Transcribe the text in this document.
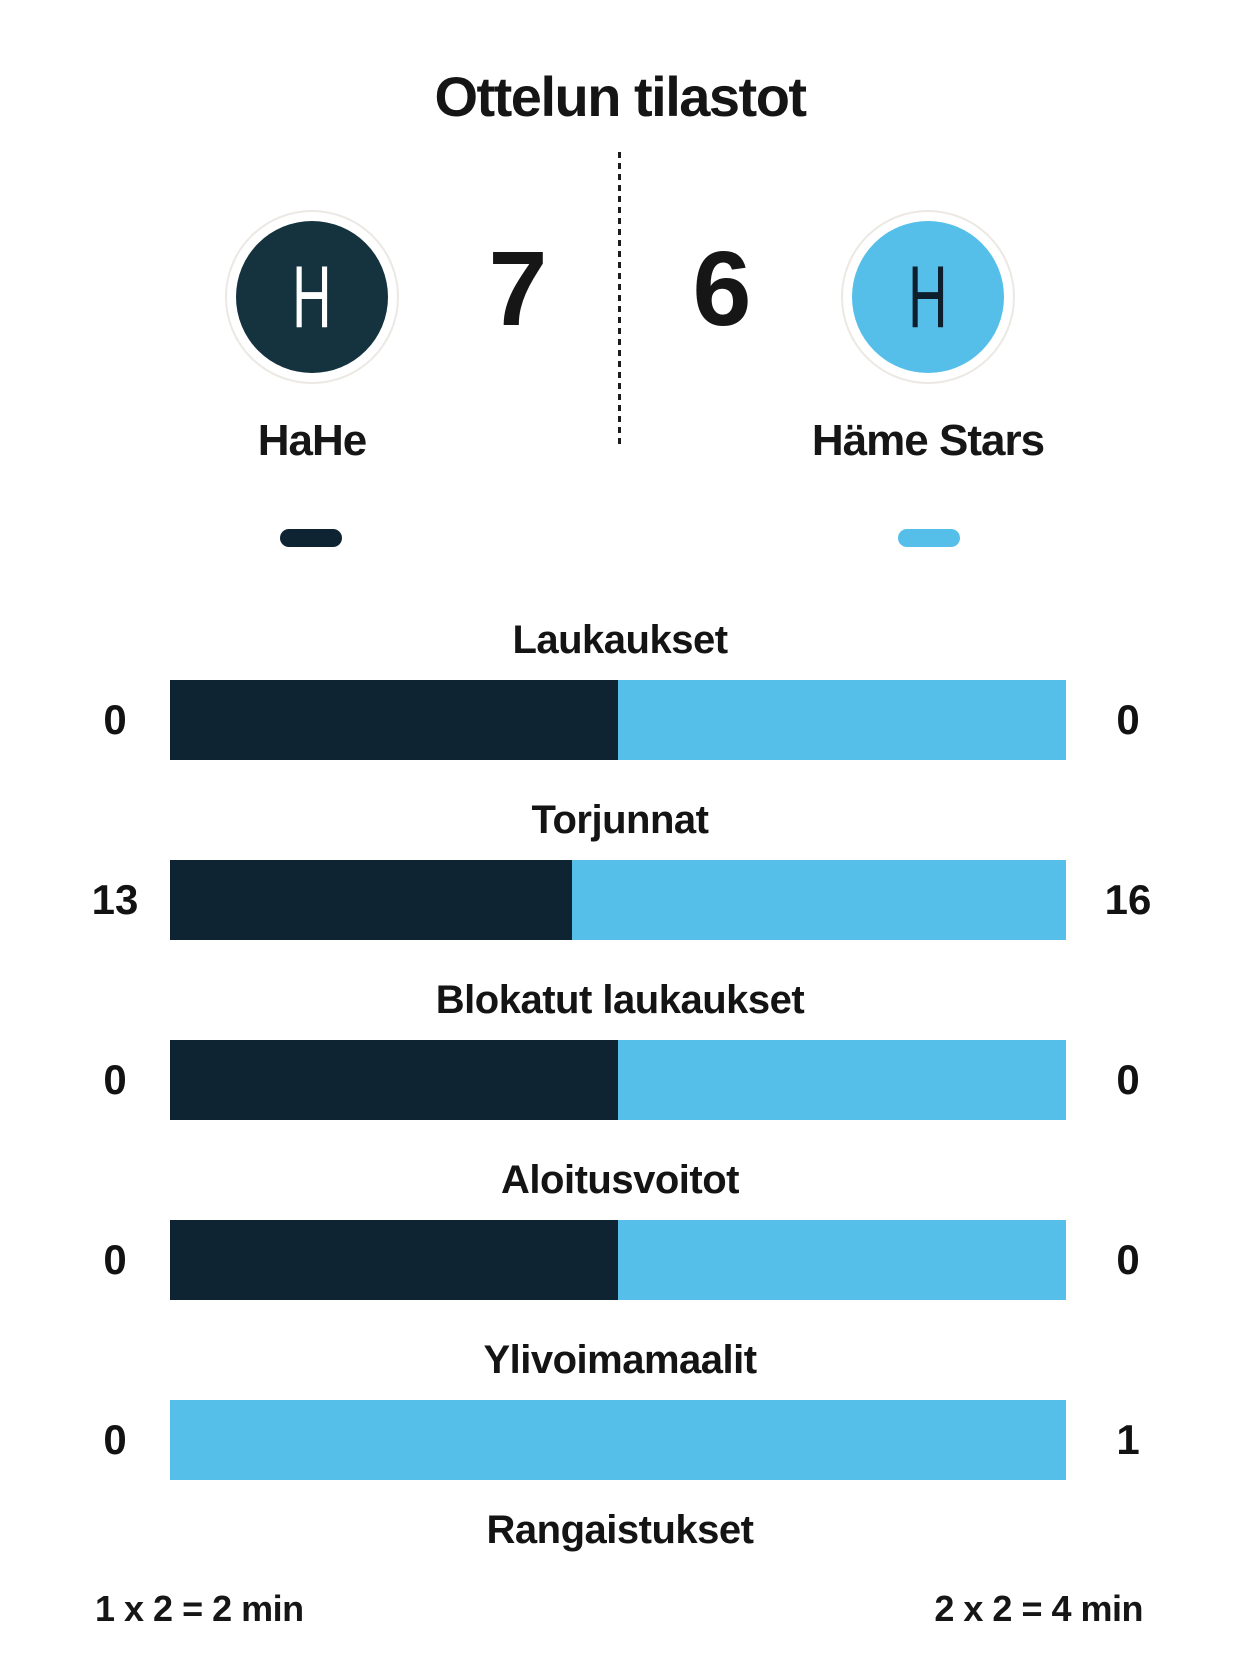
Ottelun tilastot
H
HaHe
7	6	H
Häme Stars
Laukaukset
0	0
Torjunnat
13	16
Blokatut laukaukset
0	0
Aloitusvoitot
0	0
Ylivoimamaalit
0	1
Rangaistukset
1 x 2 = 2 min	2 x 2 = 4 min
